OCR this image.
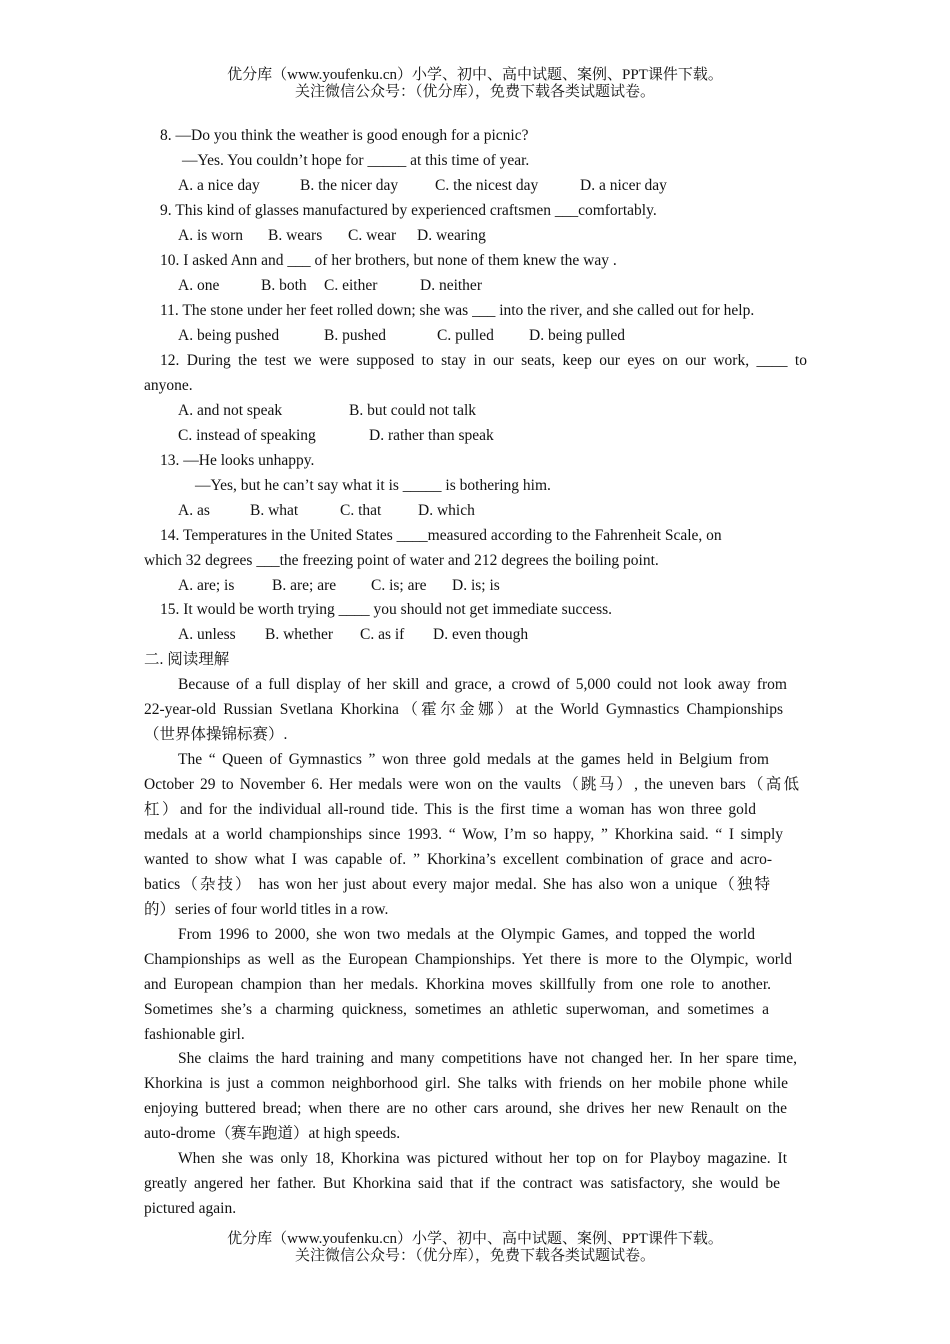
优分库（www.youfenku.cn）小学、初中、高中试题、案例、PPT课件下载。
关注微信公众号：（优分库），免费下载各类试题试卷。
8. —Do you think the weather is good enough for a picnic?
—Yes. You couldn’t hope for _____ at this time of year.
A. a nice day	B. the nicer day C. the nicest day	D. a nicer day
9. This kind of glasses manufactured by experienced craftsmen ___comfortably.
A. is worn B. wears C. wear D. wearing
10. I asked Ann and ___ of her brothers, but none of them knew the way .
A. one	B. both C. either	D. neither
11. The stone under her feet rolled down; she was ___ into the river, and she called out for help.
A. being pushed	B. pushed	C. pulled D. being pulled
12. During the test we were supposed to stay in our seats, keep our eyes on our work, ____ to
anyone.
A. and not speak	B. but could not talk
C. instead of speaking	D. rather than speak
13. —He looks unhappy.
—Yes, but he can’t say what it is _____ is bothering him.
A. as	B. what	C. that D. which
14. Temperatures in the United States ____measured according to the Fahrenheit Scale, on
which 32 degrees ___the freezing point of water and 212 degrees the boiling point.
A. are; is B. are; are C. is; are D. is; is
15. It would be worth trying ____ you should not get immediate success.
A. unless B. whether C. as if D. even though
二. 阅读理解
Because of a full display of her skill and grace, a crowd of 5,000 could not look away from
22-year-old Russian Svetlana Khorkina（霍尔金娜）at the World Gymnastics Championships
（世界体操锦标赛）.
The “ Queen of Gymnastics ” won three gold medals at the games held in Belgium from
October 29 to November 6. Her medals were won on the vaults（跳马）, the uneven bars（高低
杠）and for the individual all-round tide. This is the first time a woman has won three gold
medals at a world championships since 1993. “ Wow, I’m so happy, ” Khorkina said. “ I simply
wanted to show what I was capable of. ” Khorkina’s excellent combination of grace and acro-
batics（杂技） has won her just about every major medal. She has also won a unique（独特
的）series of four world titles in a row.
From 1996 to 2000, she won two medals at the Olympic Games, and topped the world
Championships as well as the European Championships. Yet there is more to the Olympic, world
and European champion than her medals. Khorkina moves skillfully from one role to another.
Sometimes she’s a charming quickness, sometimes an athletic superwoman, and sometimes a
fashionable girl.
She claims the hard training and many competitions have not changed her. In her spare time,
Khorkina is just a common neighborhood girl. She talks with friends on her mobile phone while
enjoying buttered bread; when there are no other cars around, she drives her new Renault on the
auto-drome（赛车跑道）at high speeds.
When she was only 18, Khorkina was pictured without her top on for Playboy magazine. It
greatly angered her father. But Khorkina said that if the contract was satisfactory, she would be
pictured again.
优分库（www.youfenku.cn）小学、初中、高中试题、案例、PPT课件下载。
关注微信公众号：（优分库），免费下载各类试题试卷。
